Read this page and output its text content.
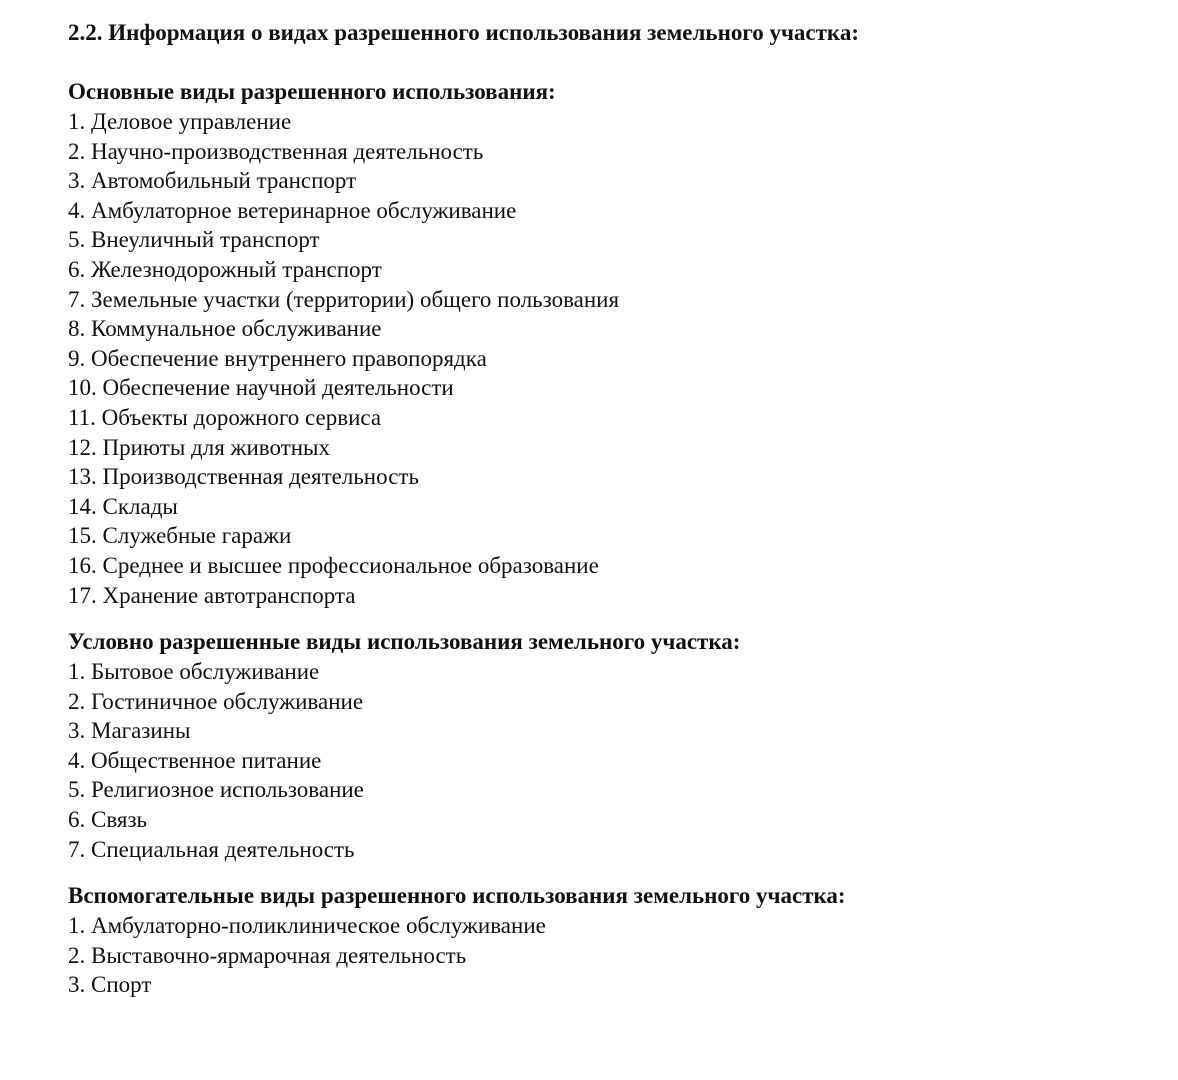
2.2. Информация о видах разрешенного использования земельного участка:
Основные виды разрешенного использования:
1. Деловое управление
2. Научно-производственная деятельность
3. Автомобильный транспорт
4. Амбулаторное ветеринарное обслуживание
5. Внеуличный транспорт
6. Железнодорожный транспорт
7. Земельные участки (территории) общего пользования
8. Коммунальное обслуживание
9. Обеспечение внутреннего правопорядка
10. Обеспечение научной деятельности
11. Объекты дорожного сервиса
12. Приюты для животных
13. Производственная деятельность
14. Склады
15. Служебные гаражи
16. Среднее и высшее профессиональное образование
17. Хранение автотранспорта
Условно разрешенные виды использования земельного участка:
1. Бытовое обслуживание
2. Гостиничное обслуживание
3. Магазины
4. Общественное питание
5. Религиозное использование
6. Связь
7. Специальная деятельность
Вспомогательные виды разрешенного использования земельного участка:
1. Амбулаторно-поликлиническое обслуживание
2. Выставочно-ярмарочная деятельность
3. Спорт
